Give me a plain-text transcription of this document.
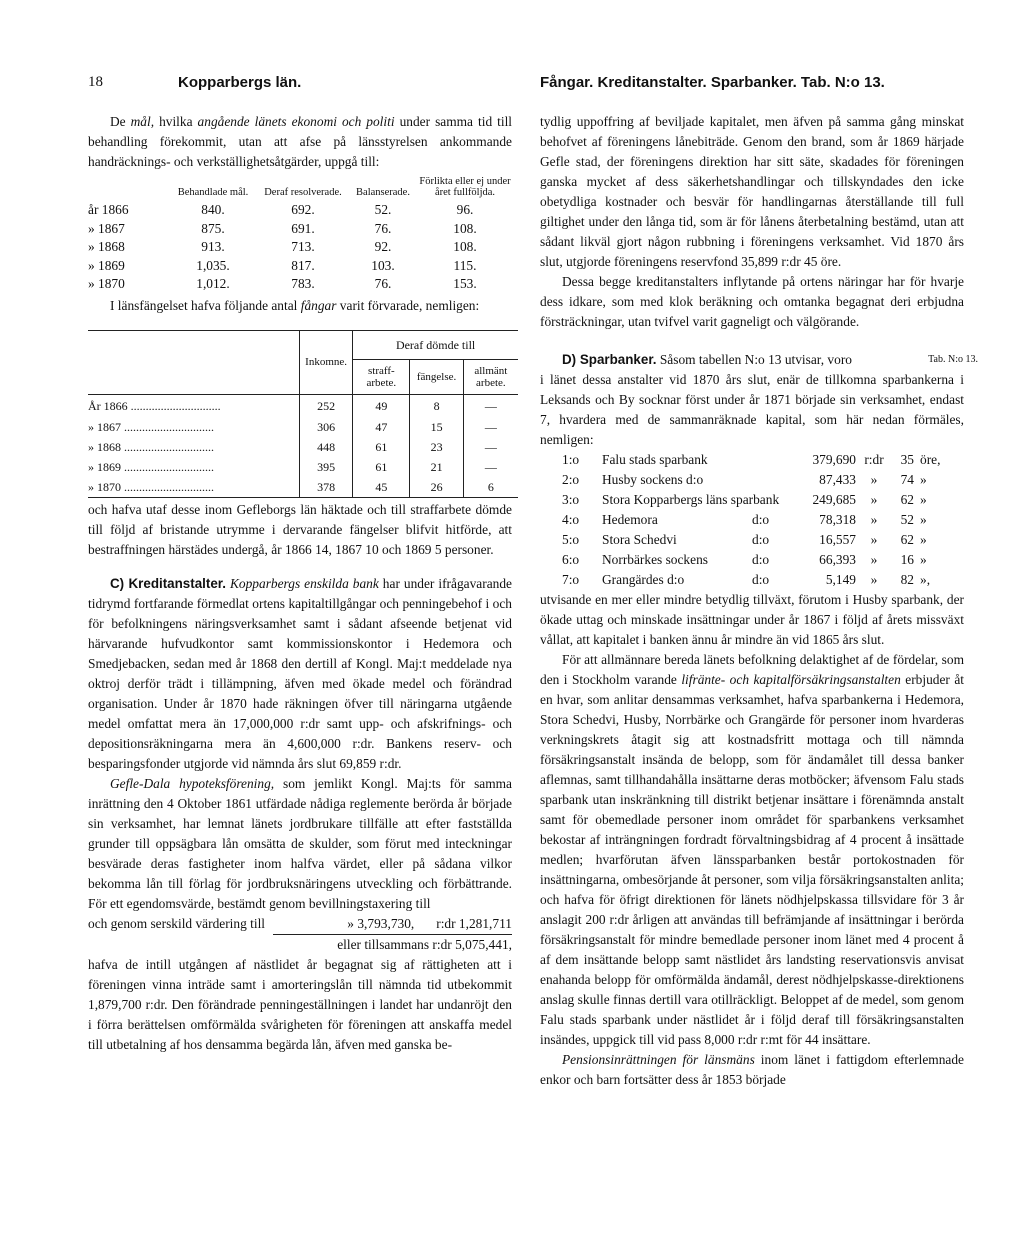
18	Kopparbergs län.	Fångar. Kreditanstalter. Sparbanker. Tab. N:o 13.

De mål, hvilka angående länets ekonomi och politi under samma tid till behandling förekommit, utan att afse på länsstyrelsen ankommande handräcknings- och verkställighetsåtgärder, uppgå till:

	Behandlade mål.	Deraf resolverade.	Balanserade.	Förlikta eller ej under året fullföljda.
år 1866	840.	692.	52.	96.
» 1867	875.	691.	76.	108.
» 1868	913.	713.	92.	108.
» 1869	1,035.	817.	103.	115.
» 1870	1,012.	783.	76.	153.

I länsfängelset hafva följande antal fångar varit förvarade, nemligen:

	Inkomne.	Deraf dömde till		
		straff-arbete.	fängelse.	allmänt arbete.
År 1866 ..............................	252	49	8	—
» 1867 ..............................	306	47	15	—
» 1868 ..............................	448	61	23	—
» 1869 ..............................	395	61	21	—
» 1870 ..............................	378	45	26	6

och hafva utaf desse inom Gefleborgs län häktade och till straffarbete dömde till följd af bristande utrymme i dervarande fängelser blifvit hitförde, att bestraffningen härstädes undergå, år 1866 14, 1867 10 och 1869 5 personer.

C) Kreditanstalter. Kopparbergs enskilda bank har under ifrågavarande tidrymd fortfarande förmedlat ortens kapitaltillgångar och penningebehof i och för befolkningens näringsverksamhet samt i sådant afseende betjenat vid härvarande hufvudkontor samt kommissionskontor i Hedemora och Smedjebacken, sedan med år 1868 den dertill af Kongl. Maj:t meddelade nya oktroj derför trädt i tillämpning, äfven med ökade medel och förändrad organisation. Under år 1870 hade räkningen öfver till näringarna utgående medel omfattat mera än 17,000,000 r:dr samt upp- och afskrifnings- och depositionsräkningarna mera än 4,600,000 r:dr. Bankens reserv- och besparingsfonder utgjorde vid nämnda års slut 69,859 r:dr.

Gefle-Dala hypoteksförening, som jemlikt Kongl. Maj:ts för samma inrättning den 4 Oktober 1861 utfärdade nådiga reglemente berörda år började sin verksamhet, har lemnat länets jordbrukare tillfälle att efter fastställda grunder till oppsägbara lån omsätta de skulder, som förut med inteckningar besvärade deras fastigheter inom halfva värdet, eller på sådana vilkor bekomma lån till förlag för jordbruksnäringens utveckling och förbättrande. För ett egendomsvärde, bestämdt genom bevillningstaxering till
r:dr 1,281,711

och genom serskild värdering till	» 3,793,730,
eller tillsammans r:dr 5,075,441,

hafva de intill utgången af nästlidet år begagnat sig af rättigheten att i föreningen vinna inträde samt i amorteringslån till nämnda tid utbekommit 1,879,700 r:dr. Den förändrade penningeställningen i landet har undanröjt den i förra berättelsen omförmälda svårigheten för föreningen att anskaffa medel till utbetalning af hos densamma begärda lån, äfven med ganska be-

tydlig uppoffring af beviljade kapitalet, men äfven på samma gång minskat behofvet af föreningens lånebiträde. Genom den brand, som år 1869 härjade Gefle stad, der föreningens direktion har sitt säte, skadades för föreningen ganska mycket af dess säkerhetshandlingar och tillskyndades den icke obetydliga kostnader och besvär för handlingarnas återställande till full giltighet under den långa tid, som är för lånens återbetalning bestämd, utan att sådant likväl gjort någon rubbning i föreningens verksamhet. Vid 1870 års slut, utgjorde föreningens reservfond 35,899 r:dr 45 öre.

Dessa begge kreditanstalters inflytande på ortens näringar har för hvarje dess idkare, som med klok beräkning och omtanka begagnat deri erbjudna försträckningar, utan tvifvel varit gagneligt och välgörande.

D) Sparbanker. Såsom tabellen N:o 13 utvisar, voro	Tab. N:o 13.

i länet dessa anstalter vid 1870 års slut, enär de tillkomna sparbankerna i Leksands och By socknar först under år 1871 började sin verksamhet, endast 7, hvardera med de sammanräknade kapital, som här nedan förmäles, nemligen:

1:o	Falu stads sparbank		379,690	r:dr	35	öre,
2:o	Husby sockens d:o		87,433	»	74	»
3:o	Stora Kopparbergs läns sparbank		249,685	»	62	»
4:o	Hedemora	d:o	78,318	»	52	»
5:o	Stora Schedvi	d:o	16,557	»	62	»
6:o	Norrbärkes sockens	d:o	66,393	»	16	»
7:o	Grangärdes d:o	d:o	5,149	»	82	»,

utvisande en mer eller mindre betydlig tillväxt, förutom i Husby sparbank, der ökade uttag och minskade insättningar under år 1867 i följd af årets missväxt vållat, att kapitalet i banken ännu år mindre än vid 1865 års slut.

För att allmännare bereda länets befolkning delaktighet af de fördelar, som den i Stockholm varande lifränte- och kapitalförsäkringsanstalten erbjuder åt en hvar, som anlitar densammas verksamhet, hafva sparbankerna i Hedemora, Stora Schedvi, Husby, Norrbärke och Grangärde för personer inom hvarderas verkningskrets åtagit sig att kostnadsfritt mottaga och till nämnda försäkringsanstalt insända de belopp, som för ändamålet till dessa banker aflemnas, samt tillhandahålla insättarne deras motböcker; äfvensom Falu stads sparbank utan inskränkning till distrikt betjenar insättare i förenämnda anstalt samt för obemedlade personer inom området för sparbankens verksamhet bekostar af inträngningen fordradt förvaltningsbidrag af 4 procent å insättade medlen; hvarförutan äfven länssparbanken består portokostnaden för insättningarna, ombesörjande åt personer, som vilja försäkringsanstalten anlita; och hafva för öfrigt direktionen för länets nödhjelpskassa tillsvidare för 3 år anslagit 200 r:dr årligen att användas till befrämjande af insättningar i berörda försäkringsanstalt för mindre bemedlade personer inom länet med 4 procent å af dem insättande belopp samt nästlidet års landsting reservationsvis anvisat enahanda belopp för omförmälda ändamål, derest nödhjelpskasse-direktionens anslag skulle finnas dertill vara otillräckligt. Beloppet af de medel, som genom Falu stads sparbank under nästlidet år i följd deraf till försäkringsanstalten insändes, uppgick till vid pass 8,000 r:dr r:mt för 44 insättare.

Pensionsinrättningen för länsmäns inom länet i fattigdom efterlemnade enkor och barn fortsätter dess år 1853 började
